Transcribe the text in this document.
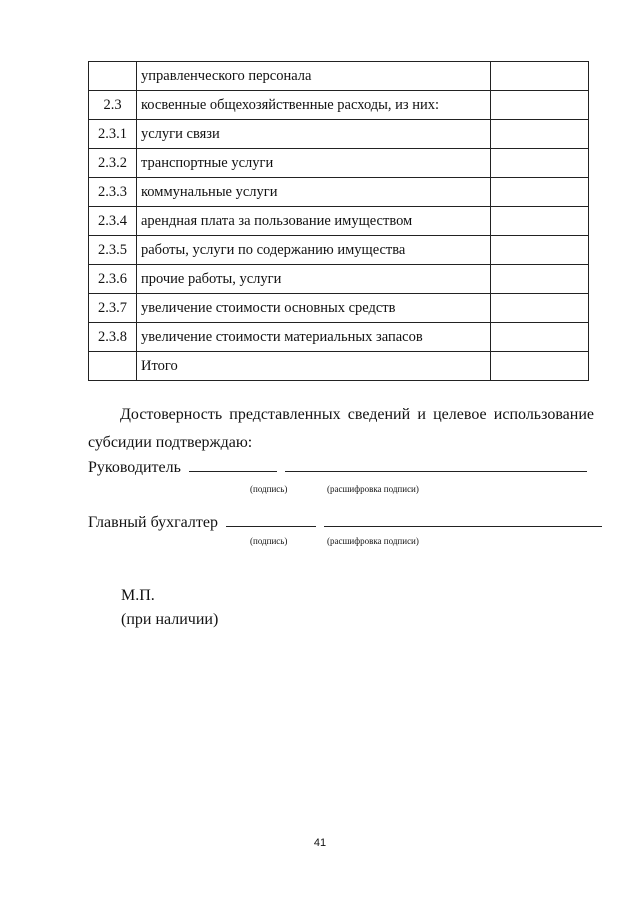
	управленческого персонала	
2.3	косвенные общехозяйственные расходы, из них:	
2.3.1	услуги связи	
2.3.2	транспортные услуги	
2.3.3	коммунальные услуги	
2.3.4	арендная плата за пользование имуществом	
2.3.5	работы, услуги по содержанию имущества	
2.3.6	прочие работы, услуги	
2.3.7	увеличение стоимости основных средств	
2.3.8	увеличение стоимости материальных запасов	
	Итого	

Достоверность представленных сведений и целевое использование субсидии подтверждаю:

Руководитель
(подпись)	(расшифровка подписи)
Главный бухгалтер
(подпись)	(расшифровка подписи)
М.П.
(при наличии)
41
